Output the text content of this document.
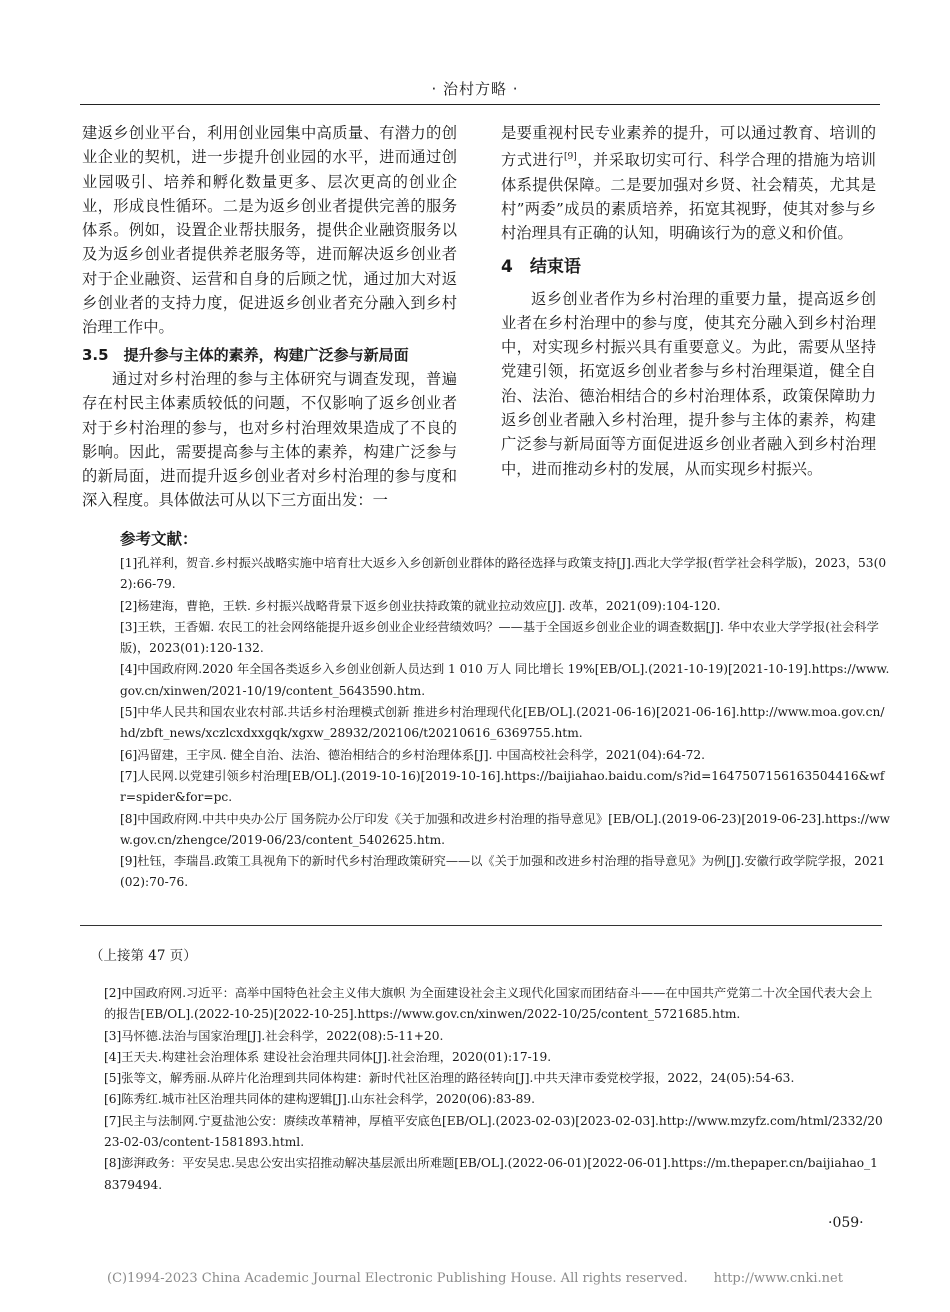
· 治村方略 ·

建返乡创业平台，利用创业园集中高质量、有潜力的创业企业的契机，进一步提升创业园的水平，进而通过创业园吸引、培养和孵化数量更多、层次更高的创业企业，形成良性循环。二是为返乡创业者提供完善的服务体系。例如，设置企业帮扶服务，提供企业融资服务以及为返乡创业者提供养老服务等，进而解决返乡创业者对于企业融资、运营和自身的后顾之忧，通过加大对返乡创业者的支持力度，促进返乡创业者充分融入到乡村治理工作中。

3.5　提升参与主体的素养，构建广泛参与新局面

通过对乡村治理的参与主体研究与调查发现，普遍存在村民主体素质较低的问题，不仅影响了返乡创业者对于乡村治理的参与，也对乡村治理效果造成了不良的影响。因此，需要提高参与主体的素养，构建广泛参与的新局面，进而提升返乡创业者对乡村治理的参与度和深入程度。具体做法可从以下三方面出发：一

是要重视村民专业素养的提升，可以通过教育、培训的方式进行[9]，并采取切实可行、科学合理的措施为培训体系提供保障。二是要加强对乡贤、社会精英，尤其是村”两委”成员的素质培养，拓宽其视野，使其对参与乡村治理具有正确的认知，明确该行为的意义和价值。

4　结束语

返乡创业者作为乡村治理的重要力量，提高返乡创业者在乡村治理中的参与度，使其充分融入到乡村治理中，对实现乡村振兴具有重要意义。为此，需要从坚持党建引领，拓宽返乡创业者参与乡村治理渠道，健全自治、法治、德治相结合的乡村治理体系，政策保障助力返乡创业者融入乡村治理，提升参与主体的素养，构建广泛参与新局面等方面促进返乡创业者融入到乡村治理中，进而推动乡村的发展，从而实现乡村振兴。

参考文献：

[1]孔祥利，贺音.乡村振兴战略实施中培育壮大返乡入乡创新创业群体的路径选择与政策支持[J].西北大学学报(哲学社会科学版)，2023，53(02):66-79.

[2]杨建海，曹艳，王轶. 乡村振兴战略背景下返乡创业扶持政策的就业拉动效应[J]. 改革，2021(09):104-120.

[3]王轶，王香媚. 农民工的社会网络能提升返乡创业企业经营绩效吗？——基于全国返乡创业企业的调查数据[J]. 华中农业大学学报(社会科学版)，2023(01):120-132.

[4]中国政府网.2020 年全国各类返乡入乡创业创新人员达到 1 010 万人 同比增长 19%[EB/OL].(2021-10-19)[2021-10-19].https://www.gov.cn/xinwen/2021-10/19/content_5643590.htm.

[5]中华人民共和国农业农村部.共话乡村治理模式创新 推进乡村治理现代化[EB/OL].(2021-06-16)[2021-06-16].http://www.moa.gov.cn/hd/zbft_news/xczlcxdxxgqk/xgxw_28932/202106/t20210616_6369755.htm.

[6]冯留建，王宇凤. 健全自治、法治、德治相结合的乡村治理体系[J]. 中国高校社会科学，2021(04):64-72.

[7]人民网.以党建引领乡村治理[EB/OL].(2019-10-16)[2019-10-16].https://baijiahao.baidu.com/s?id=1647507156163504416&wfr=spider&for=pc.

[8]中国政府网.中共中央办公厅 国务院办公厅印发《关于加强和改进乡村治理的指导意见》[EB/OL].(2019-06-23)[2019-06-23].https://www.gov.cn/zhengce/2019-06/23/content_5402625.htm.

[9]杜钰，李瑞昌.政策工具视角下的新时代乡村治理政策研究——以《关于加强和改进乡村治理的指导意见》为例[J].安徽行政学院学报，2021(02):70-76.

（上接第 47 页）

[2]中国政府网.习近平：高举中国特色社会主义伟大旗帜 为全面建设社会主义现代化国家而团结奋斗——在中国共产党第二十次全国代表大会上的报告[EB/OL].(2022-10-25)[2022-10-25].https://www.gov.cn/xinwen/2022-10/25/content_5721685.htm.

[3]马怀德.法治与国家治理[J].社会科学，2022(08):5-11+20.

[4]王天夫.构建社会治理体系 建设社会治理共同体[J].社会治理，2020(01):17-19.

[5]张等文，解秀丽.从碎片化治理到共同体构建：新时代社区治理的路径转向[J].中共天津市委党校学报，2022，24(05):54-63.

[6]陈秀红.城市社区治理共同体的建构逻辑[J].山东社会科学，2020(06):83-89.

[7]民主与法制网.宁夏盐池公安：赓续改革精神，厚植平安底色[EB/OL].(2023-02-03)[2023-02-03].http://www.mzyfz.com/html/2332/2023-02-03/content-1581893.html.

[8]澎湃政务：平安吴忠.吴忠公安出实招推动解决基层派出所难题[EB/OL].(2022-06-01)[2022-06-01].https://m.thepaper.cn/baijiahao_18379494.

·059·
(C)1994-2023 China Academic Journal Electronic Publishing House. All rights reserved.　　http://www.cnki.net
